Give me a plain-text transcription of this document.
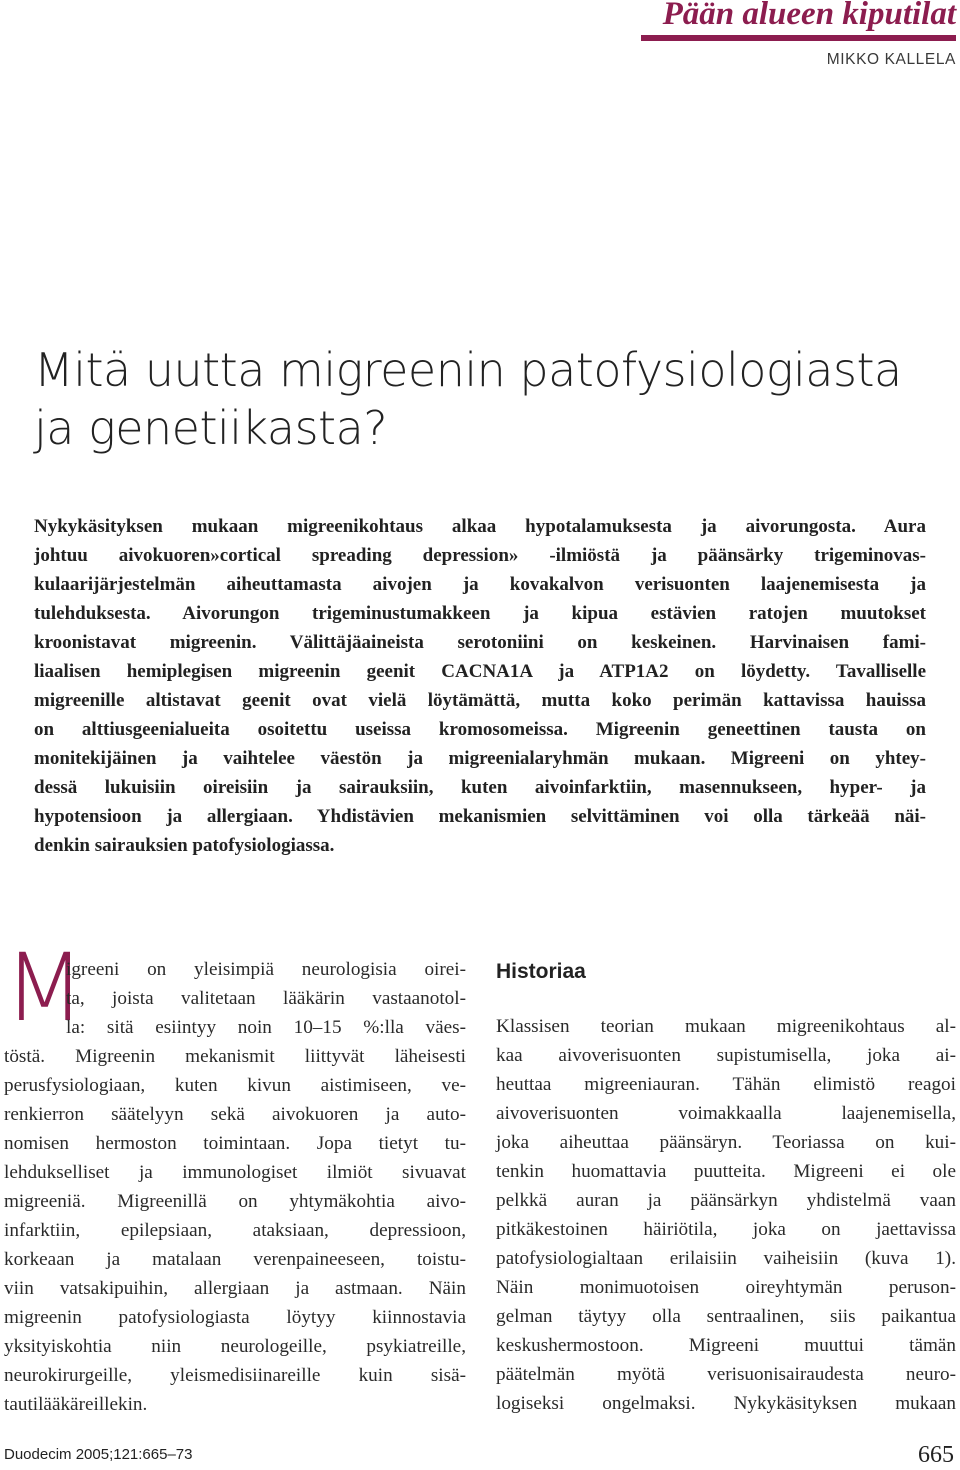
Pään alueen kiputilat
MIKKO KALLELA
Mitä uutta migreenin patofysiologiasta
ja genetiikasta?
Nykykäsityksen mukaan migreenikohtaus alkaa hypotalamuksesta ja aivorungosta. Aura
johtuu aivokuoren»cortical spreading depression» -ilmiöstä ja päänsärky trigeminovas-
kulaarijärjestelmän aiheuttamasta aivojen ja kovakalvon verisuonten laajenemisesta ja
tulehduksesta. Aivorungon trigeminustumakkeen ja kipua estävien ratojen muutokset
kroonistavat migreenin. Välittäjäaineista serotoniini on keskeinen. Harvinaisen fami-
liaalisen hemiplegisen migreenin geenit CACNA1A ja ATP1A2 on löydetty. Tavalliselle
migreenille altistavat geenit ovat vielä löytämättä, mutta koko perimän kattavissa hauissa
on alttiusgeenialueita osoitettu useissa kromosomeissa. Migreenin geneettinen tausta on
monitekijäinen ja vaihtelee väestön ja migreenialaryhmän mukaan. Migreeni on yhtey-
dessä lukuisiin oireisiin ja sairauksiin, kuten aivoinfarktiin, masennukseen, hyper- ja
hypotensioon ja allergiaan. Yhdistävien mekanismien selvittäminen voi olla tärkeää näi-
denkin sairauksien patofysiologiassa.
M
igreeni on yleisimpiä neurologisia oirei-
ta, joista valitetaan lääkärin vastaanotol-
la: sitä esiintyy noin 10–15 %:lla väes-
töstä. Migreenin mekanismit liittyvät läheisesti
perusfysiologiaan, kuten kivun aistimiseen, ve-
renkierron säätelyyn sekä aivokuoren ja auto-
nomisen hermoston toimintaan. Jopa tietyt tu-
lehdukselliset ja immunologiset ilmiöt sivuavat
migreeniä. Migreenillä on yhtymäkohtia aivo-
infarktiin, epilepsiaan, ataksiaan, depressioon,
korkeaan ja matalaan verenpaineeseen, toistu-
viin vatsakipuihin, allergiaan ja astmaan. Näin
migreenin patofysiologiasta löytyy kiinnostavia
yksityiskohtia niin neurologeille, psykiatreille,
neurokirurgeille, yleismedisiinareille kuin sisä-
tautilääkäreillekin.
Historiaa
Klassisen teorian mukaan migreenikohtaus al-
kaa aivoverisuonten supistumisella, joka ai-
heuttaa migreeniauran. Tähän elimistö reagoi
aivoverisuonten voimakkaalla laajenemisella,
joka aiheuttaa päänsäryn. Teoriassa on kui-
tenkin huomattavia puutteita. Migreeni ei ole
pelkkä auran ja päänsärkyn yhdistelmä vaan
pitkäkestoinen häiriötila, joka on jaettavissa
patofysiologialtaan erilaisiin vaiheisiin (kuva 1).
Näin monimuotoisen oireyhtymän peruson-
gelman täytyy olla sentraalinen, siis paikantua
keskushermostoon. Migreeni muuttui tämän
päätelmän myötä verisuonisairaudesta neuro-
logiseksi ongelmaksi. Nykykäsityksen mukaan
Duodecim 2005;121:665–73	665
